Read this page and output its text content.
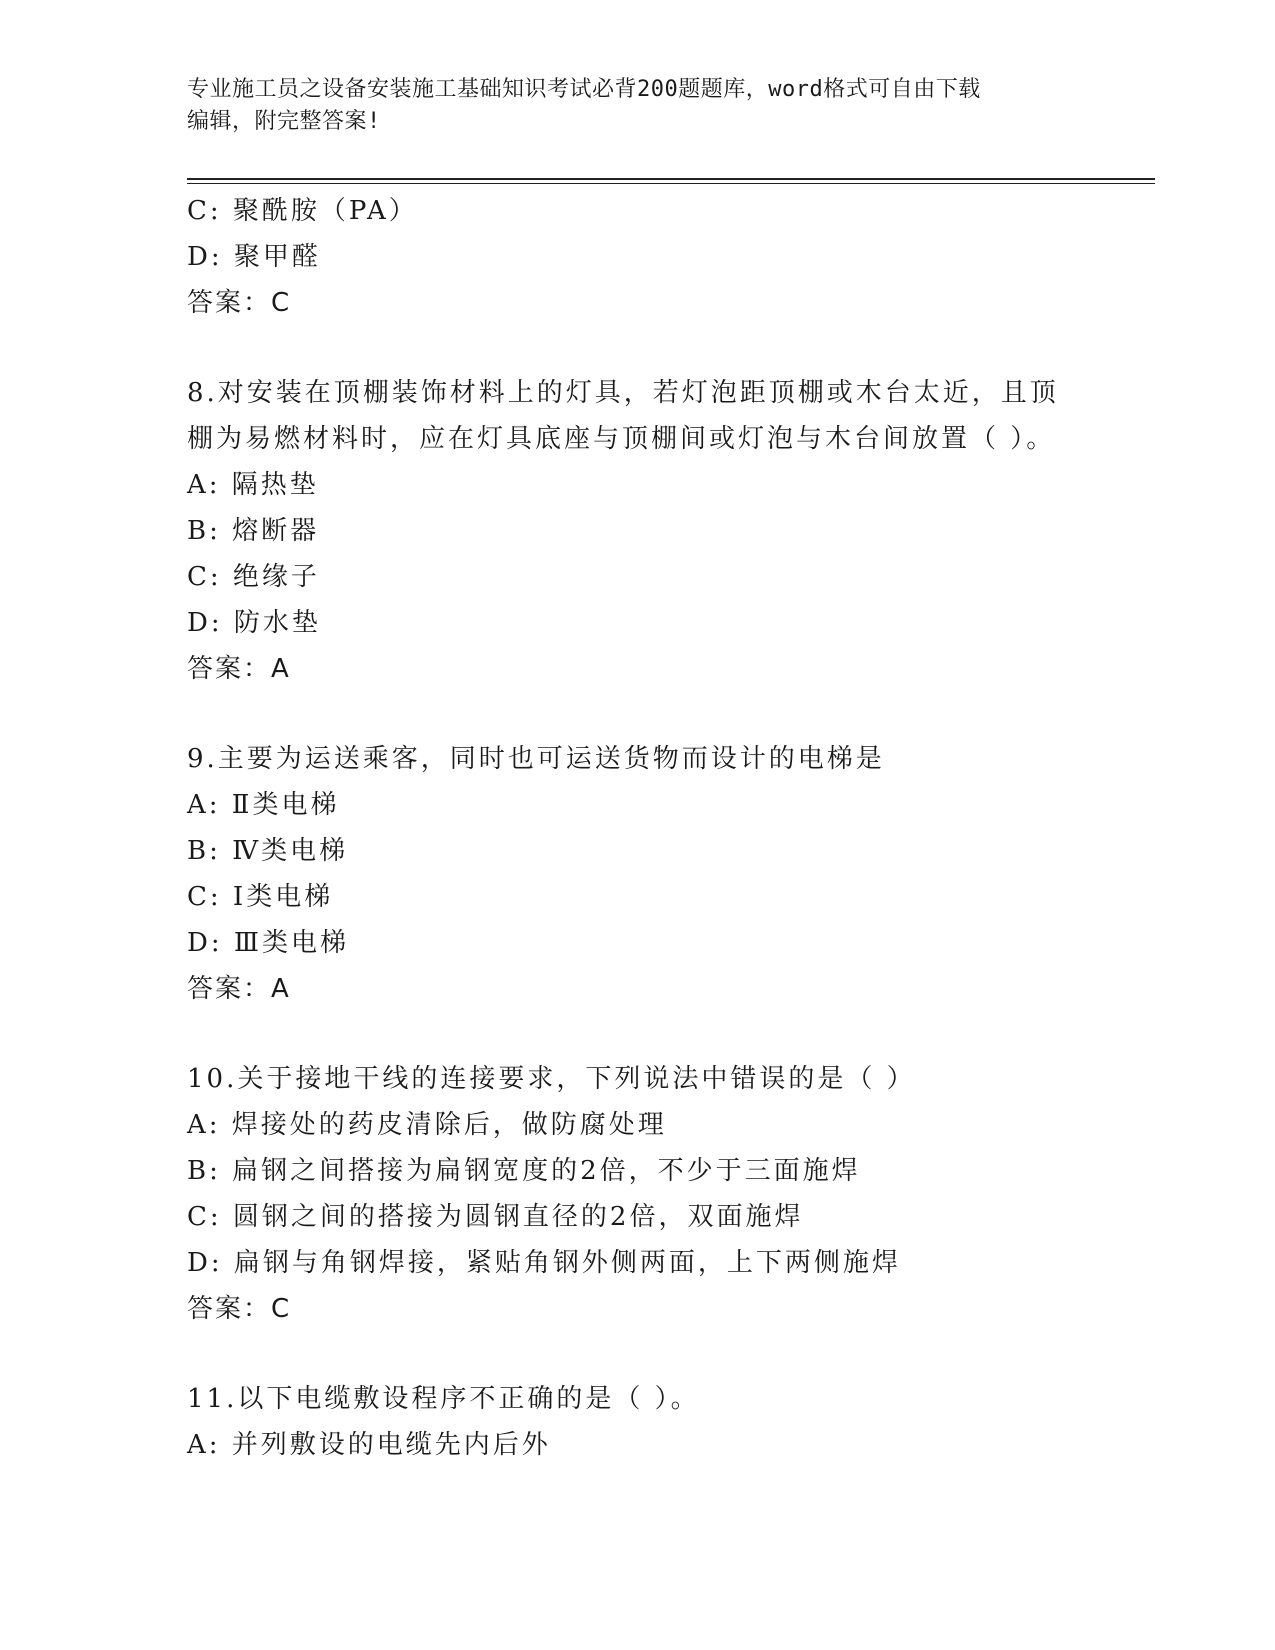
专业施工员之设备安装施工基础知识考试必背200题题库，word格式可自由下载
编辑，附完整答案!
C: 聚酰胺（PA）
D: 聚甲醛
答案：C
8.对安装在顶棚装饰材料上的灯具，若灯泡距顶棚或木台太近，且顶
棚为易燃材料时，应在灯具底座与顶棚间或灯泡与木台间放置（ ）。
A: 隔热垫
B: 熔断器
C: 绝缘子
D: 防水垫
答案：A
9.主要为运送乘客，同时也可运送货物而设计的电梯是
A: Ⅱ类电梯
B: Ⅳ类电梯
C: Ⅰ类电梯
D: Ⅲ类电梯
答案：A
10.关于接地干线的连接要求，下列说法中错误的是（ ）
A: 焊接处的药皮清除后，做防腐处理
B: 扁钢之间搭接为扁钢宽度的2倍，不少于三面施焊
C: 圆钢之间的搭接为圆钢直径的2倍，双面施焊
D: 扁钢与角钢焊接，紧贴角钢外侧两面，上下两侧施焊
答案：C
11.以下电缆敷设程序不正确的是（ ）。
A: 并列敷设的电缆先内后外
